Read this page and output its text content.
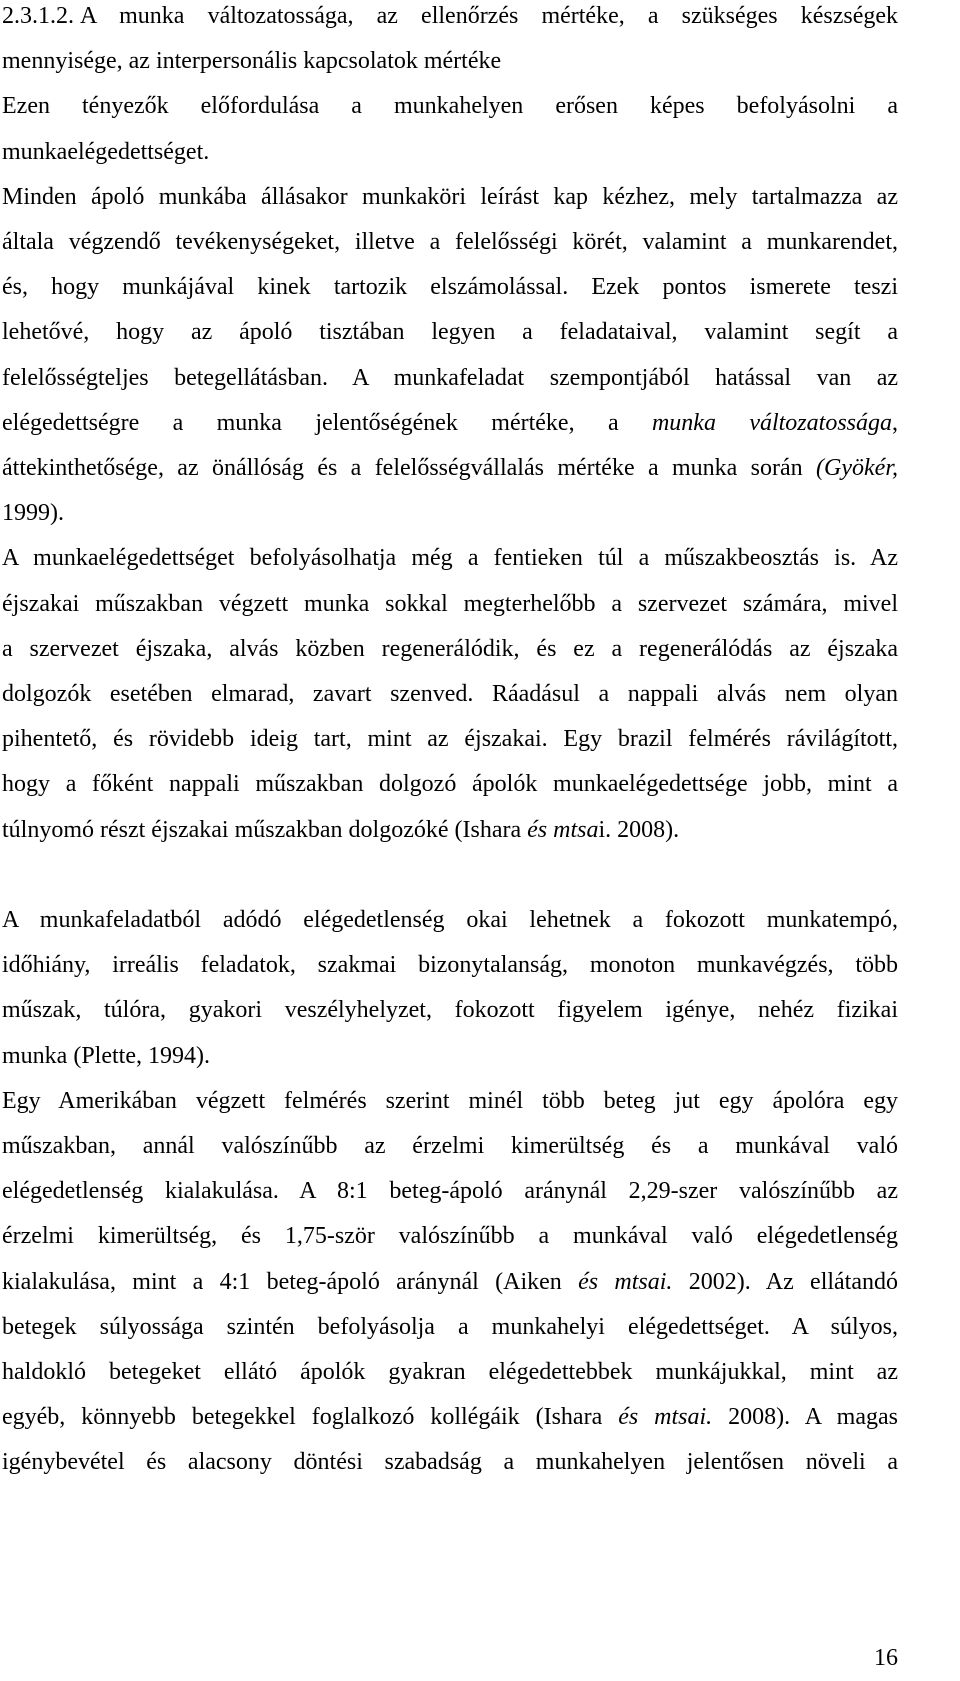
2.3.1.2. A munka változatossága, az ellenőrzés mértéke, a szükséges készségek
mennyisége, az interpersonális kapcsolatok mértéke
Ezen tényezők előfordulása a munkahelyen erősen képes befolyásolni a
munkaelégedettséget.
Minden ápoló munkába állásakor munkaköri leírást kap kézhez, mely tartalmazza az
általa végzendő tevékenységeket, illetve a felelősségi körét, valamint a munkarendet,
és, hogy munkájával kinek tartozik elszámolással. Ezek pontos ismerete teszi
lehetővé, hogy az ápoló tisztában legyen a feladataival, valamint segít a
felelősségteljes betegellátásban. A munkafeladat szempontjából hatással van az
elégedettségre a munka jelentőségének mértéke, a munka változatossága,
áttekinthetősége, az önállóság és a felelősségvállalás mértéke a munka során (Gyökér,
1999).
A munkaelégedettséget befolyásolhatja még a fentieken túl a műszakbeosztás is. Az
éjszakai műszakban végzett munka sokkal megterhelőbb a szervezet számára, mivel
a szervezet éjszaka, alvás közben regenerálódik, és ez a regenerálódás az éjszaka
dolgozók esetében elmarad, zavart szenved. Ráadásul a nappali alvás nem olyan
pihentető, és rövidebb ideig tart, mint az éjszakai. Egy brazil felmérés rávilágított,
hogy a főként nappali műszakban dolgozó ápolók munkaelégedettsége jobb, mint a
túlnyomó részt éjszakai műszakban dolgozóké (Ishara és mtsai. 2008).
A munkafeladatból adódó elégedetlenség okai lehetnek a fokozott munkatempó,
időhiány, irreális feladatok, szakmai bizonytalanság, monoton munkavégzés, több
műszak, túlóra, gyakori veszélyhelyzet, fokozott figyelem igénye, nehéz fizikai
munka (Plette, 1994).
Egy Amerikában végzett felmérés szerint minél több beteg jut egy ápolóra egy
műszakban, annál valószínűbb az érzelmi kimerültség és a munkával való
elégedetlenség kialakulása. A 8:1 beteg-ápoló aránynál 2,29-szer valószínűbb az
érzelmi kimerültség, és 1,75-ször valószínűbb a munkával való elégedetlenség
kialakulása, mint a 4:1 beteg-ápoló aránynál (Aiken és mtsai. 2002). Az ellátandó
betegek súlyossága szintén befolyásolja a munkahelyi elégedettséget. A súlyos,
haldokló betegeket ellátó ápolók gyakran elégedettebbek munkájukkal, mint az
egyéb, könnyebb betegekkel foglalkozó kollégáik (Ishara és mtsai. 2008). A magas
igénybevétel és alacsony döntési szabadság a munkahelyen jelentősen növeli a
16
